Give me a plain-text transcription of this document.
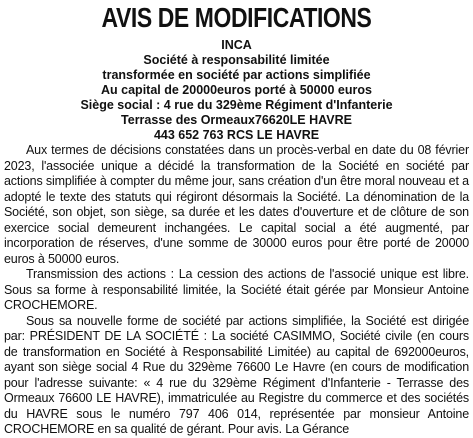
AVIS DE MODIFICATIONS
INCA
Société à responsabilité limitée
transformée en société par actions simplifiée
Au capital de 20000euros porté à 50000 euros
Siège social : 4 rue du 329ème Régiment d'Infanterie
Terrasse des Ormeaux76620LE HAVRE
443 652 763 RCS LE HAVRE

Aux termes de décisions constatées dans un procès-verbal en date du 08 février 2023, l'associée unique a décidé la transformation de la Société en société par actions simplifiée à compter du même jour, sans création d'un être moral nouveau et a adopté le texte des statuts qui régiront désormais la Société. La dénomination de la Société, son objet, son siège, sa durée et les dates d'ouverture et de clôture de son exercice social demeurent inchangées. Le capital social a été augmenté, par incorporation de réserves, d'une somme de 30000 euros pour être porté de 20000 euros à 50000 euros.

Transmission des actions : La cession des actions de l'associé unique est libre. Sous sa forme à responsabilité limitée, la Société était gérée par Monsieur Antoine CROCHEMORE.

Sous sa nouvelle forme de société par actions simplifiée, la Société est dirigée par: PRÉSIDENT DE LA SOCIÉTÉ : La société CASIMMO, Société civile (en cours de transformation en Société à Responsabilité Limitée) au capital de 692000euros, ayant son siège social 4 Rue du 329ème 76600 Le Havre (en cours de modification pour l'adresse suivante: « 4 rue du 329ème Régiment d'Infanterie - Terrasse des Ormeaux 76600 LE HAVRE), immatriculée au Registre du commerce et des sociétés du HAVRE sous le numéro 797 406 014, représentée par monsieur Antoine CROCHEMORE en sa qualité de gérant. Pour avis. La Gérance
